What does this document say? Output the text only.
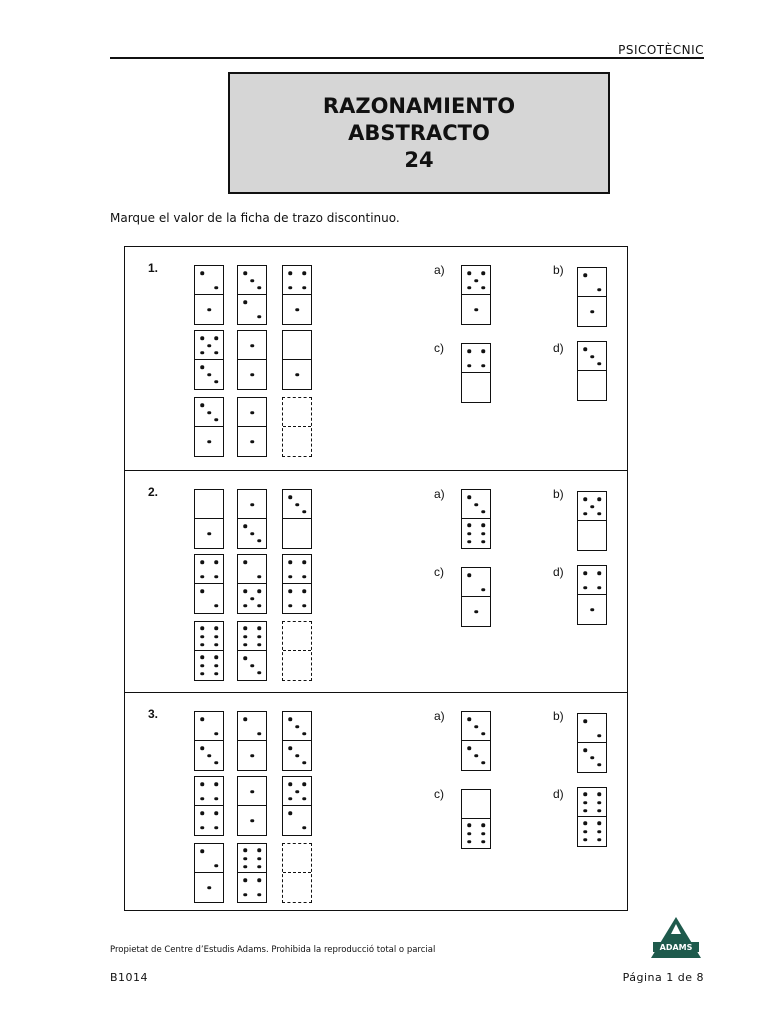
PSICOTÈCNIC
RAZONAMIENTO
ABSTRACTO
24
Marque el valor de la ficha de trazo discontinuo.
1.	a)	b)
c)	d)
2.	a)	b)
c)	d)
3.	a)	b)
c)	d)
Propietat de Centre d’Estudis Adams. Prohibida la reproducció total o parcial
B1014	Página 1 de 8
ADAMS
